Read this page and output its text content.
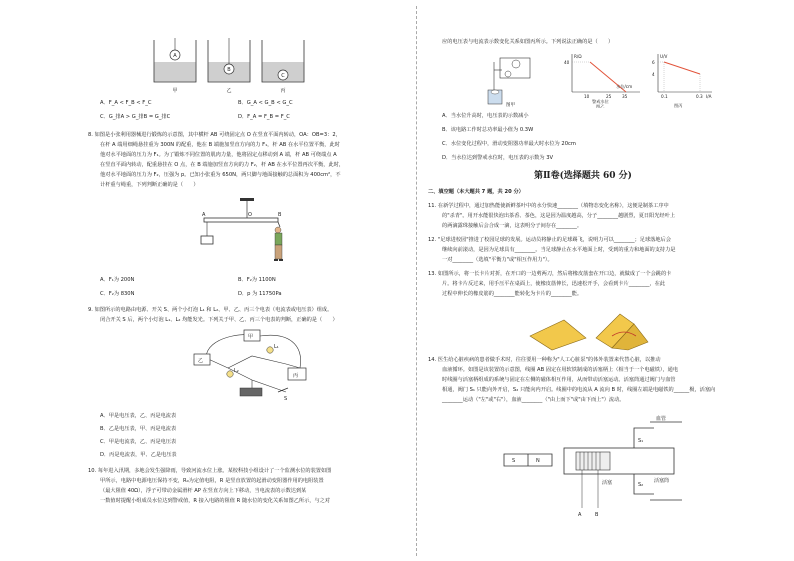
A
B
C
甲	乙	丙
A．F_A < F_B < F_C	B．G_A < G_B < G_C
C．G_排A > G_排B = G_排C	D．F_A = F_B = F_C
8. 如图是小张利用器械进行锻炼的示意图，其中横杆 AB 可绕固定点 O 在竖直平面内转动，OA：OB=3：2，
在杆 A 端用细绳悬挂重为 300N 的配重，他在 B 端施加竖直方向的力 F₁，杆 AB 在水平位置平衡，此时
他对水平地面的压力为 F₁。为了锻炼不同位置的肌肉力量，他将固定点移动到 A 端，杆 AB 可绕端点 A
在竖直平面内转动，配重悬挂在 O 点，在 B 端施加竖直方向的力 F₂，杆 AB 在水平位置再次平衡，此时，
他对水平地面的压力为 F₂，压强为 p。已知小张重为 650N，两只脚与地面接触的总面积为 400cm²，不
计杆重与绳重，下列判断正确的是（　　）
A	O	B
A．F₁为 200N	B．F₂为 1100N
C．F₂为 830N	D．p 为 11750Pa
9. 如图所示的电路由电源、开关 S、两个小灯泡 L₁ 和 L₂、甲、乙、丙三个电表（电流表或电压表）组成。
闭合开关 S 后，两个小灯泡 L₁、L₂ 均能发光。下列关于甲、乙、丙三个电表的判断，正确的是（　　）
甲
乙
丙
L₁
L₂
S
A．甲是电压表，乙、丙是电流表
B．乙是电压表，甲、丙是电流表
C．甲是电流表，乙、丙是电压表
D．丙是电流表，甲、乙是电压表
10. 每年进入汛期，多地会发生强降雨，导致河流水位上涨。某校科技小组设计了一个监测水位的装置如图
甲所示，电路中电源电压保持不变，R₀为定值电阻，R 是竖直放置的起滑动变阻器作用的电阻装置
（最大阻值 40Ω），浮子可带动金属滑杆 AP 在竖直方向上下移动，当电流表的示数达到某
一数值时提醒小组成员水位达到警戒值，R 接入电路的阻值 R 随水位的变化关系如图乙所示，与之对
应的电压表与电流表示数变化关系如图丙所示。下列说法正确的是（　　）
图甲
R/Ω
40
10	25	35
水位/cm
警戒水位
图乙
U/V
6
4
0.1	0.3 I/A
图丙
A．当水位升高时，电压表的示数减小
B．该电路工作时总功率最小值为 0.3W
C．水位变化过程中，滑动变阻器功率最大时水位为 20cm
D．当水位达到警戒水位时，电压表的示数为 3V
第Ⅱ卷(选择题共 60 分)
二、填空题（本大题共 7 题，共 20 分）
11. 在新学过程中，通过加热能使新鲜茶叶中的水分快速________（填物态变化名称），这便是制茶工序中
的"杀青"。用开水能很快泡出茶香、茶色，这是因为温度越高，分子________越剧烈，夏日阳光经叶上
的两滴露珠接触后会合成一滴，这表明分子间存在________。
12. "足球进校园"推进了校园足球的发展。运动员将静止的足球踢飞，说明力可以________；足球落地后会
继续向前滚动，是因为足球具有________。当足球静止在水平地面上时，受到的重力和地面的支持力是
一对________（选填"平衡力"或"相互作用力"）。
13. 如图所示，将一长卡片对折，在开口的一边剪两刀，然后将橡皮筋套在开口边，就做成了一个会跳的卡
片。将卡片反过来，用手压平在桌面上，使橡皮筋伸长，迅速松开手，会看到卡片________，在此
过程中伸长的橡皮筋的________能转化为卡片的________能。
14. 医生给心脏疾病的患者做手术时，往往要用一种称为"人工心脏泵"的体外装置来代替心脏，以推动
血液循环。如图是该装置的示意图，线圈 AB 固定在用软铁制成的活塞柄上（相当于一个电磁铁），通电
时线圈与活塞柄组成的系统与固定在左侧的磁体相互作用，从而带动活塞运动。活塞筒通过阀门与血管
相通，阀门 S₁ 只能向外开启，S₂ 只能向内开启。线圈中的电流从 A 流向 B 时，线圈左端是电磁铁的______极，活塞向
________运动（"左"或"右"），血液________（"由上而下"或"由下而上"）流动。
血管
S₁
S₂
S	N
活塞	活塞筒
A	B
